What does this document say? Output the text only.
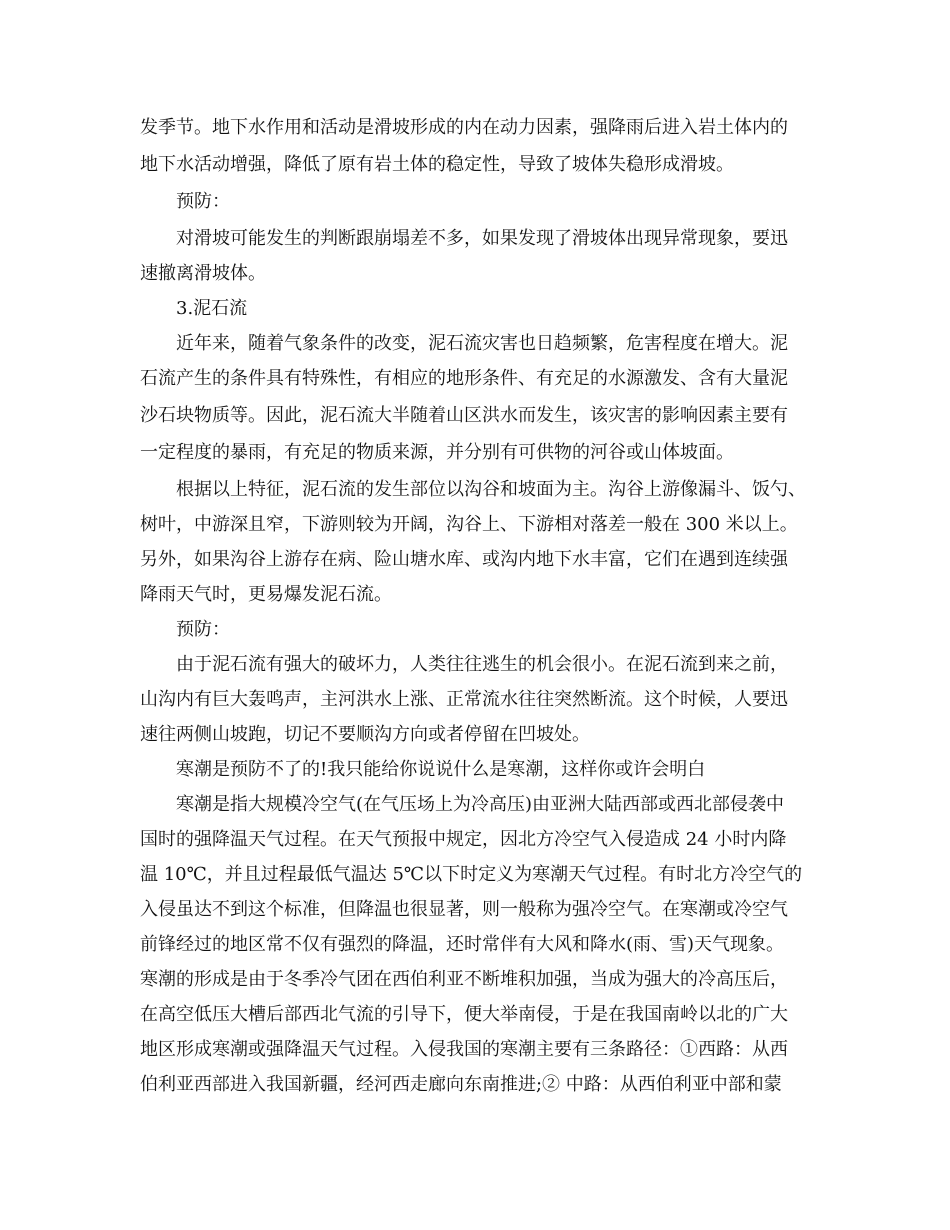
发季节。地下水作用和活动是滑坡形成的内在动力因素，强降雨后进入岩土体内的
地下水活动增强，降低了原有岩土体的稳定性，导致了坡体失稳形成滑坡。
预防：
对滑坡可能发生的判断跟崩塌差不多，如果发现了滑坡体出现异常现象，要迅
速撤离滑坡体。
3.泥石流
近年来，随着气象条件的改变，泥石流灾害也日趋频繁，危害程度在增大。泥
石流产生的条件具有特殊性，有相应的地形条件、有充足的水源激发、含有大量泥
沙石块物质等。因此，泥石流大半随着山区洪水而发生，该灾害的影响因素主要有
一定程度的暴雨，有充足的物质来源，并分别有可供物的河谷或山体坡面。
根据以上特征，泥石流的发生部位以沟谷和坡面为主。沟谷上游像漏斗、饭勺、
树叶，中游深且窄，下游则较为开阔，沟谷上、下游相对落差一般在 300 米以上。
另外，如果沟谷上游存在病、险山塘水库、或沟内地下水丰富，它们在遇到连续强
降雨天气时，更易爆发泥石流。
预防：
由于泥石流有强大的破坏力，人类往往逃生的机会很小。在泥石流到来之前，
山沟内有巨大轰鸣声，主河洪水上涨、正常流水往往突然断流。这个时候，人要迅
速往两侧山坡跑，切记不要顺沟方向或者停留在凹坡处。
寒潮是预防不了的!我只能给你说说什么是寒潮，这样你或许会明白
寒潮是指大规模冷空气(在气压场上为冷高压)由亚洲大陆西部或西北部侵袭中
国时的强降温天气过程。在天气预报中规定，因北方冷空气入侵造成 24 小时内降
温 10℃，并且过程最低气温达 5℃以下时定义为寒潮天气过程。有时北方冷空气的
入侵虽达不到这个标准，但降温也很显著，则一般称为强冷空气。在寒潮或冷空气
前锋经过的地区常不仅有强烈的降温，还时常伴有大风和降水(雨、雪)天气现象。
寒潮的形成是由于冬季冷气团在西伯利亚不断堆积加强，当成为强大的冷高压后，
在高空低压大槽后部西北气流的引导下，便大举南侵，于是在我国南岭以北的广大
地区形成寒潮或强降温天气过程。入侵我国的寒潮主要有三条路径：①西路：从西
伯利亚西部进入我国新疆，经河西走廊向东南推进;② 中路：从西伯利亚中部和蒙
